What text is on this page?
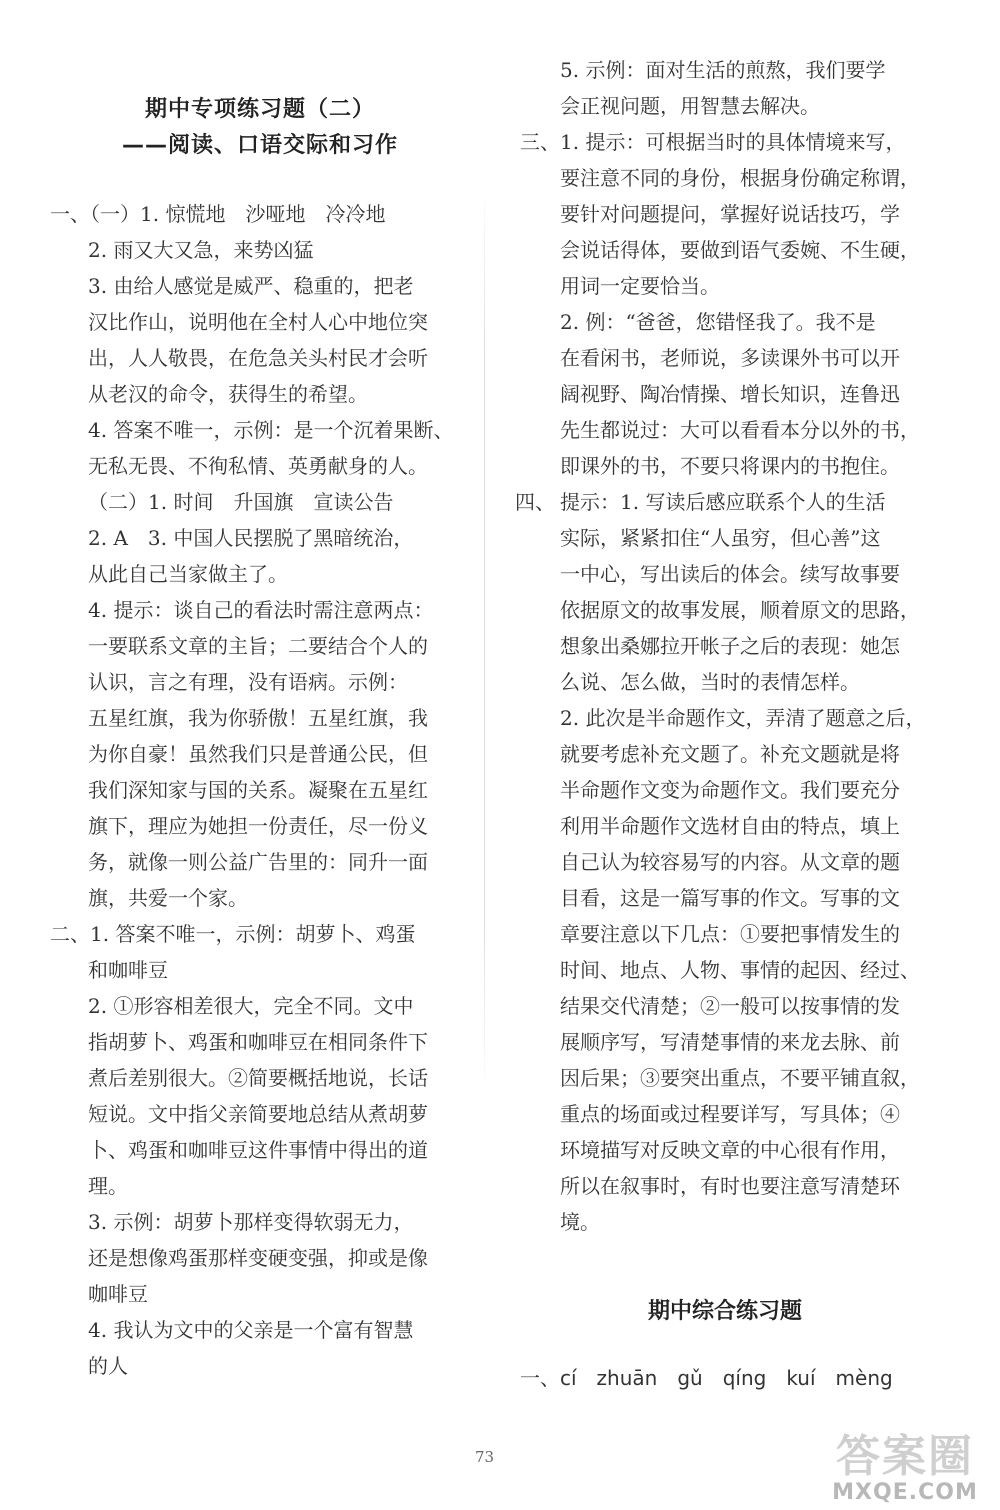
期中专项练习题（二）
——阅读、口语交际和习作
一、（一）1. 惊慌地　沙哑地　冷冷地
2. 雨又大又急，来势凶猛
3. 由给人感觉是威严、稳重的，把老
汉比作山，说明他在全村人心中地位突
出，人人敬畏，在危急关头村民才会听
从老汉的命令，获得生的希望。
4. 答案不唯一，示例：是一个沉着果断、
无私无畏、不徇私情、英勇献身的人。
（二）1. 时间　升国旗　宣读公告
2. A　3. 中国人民摆脱了黑暗统治，
从此自己当家做主了。
4. 提示：谈自己的看法时需注意两点：
一要联系文章的主旨；二要结合个人的
认识，言之有理，没有语病。示例：
五星红旗，我为你骄傲！五星红旗，我
为你自豪！虽然我们只是普通公民，但
我们深知家与国的关系。凝聚在五星红
旗下，理应为她担一份责任，尽一份义
务，就像一则公益广告里的：同升一面
旗，共爱一个家。
二、1. 答案不唯一，示例：胡萝卜、鸡蛋
和咖啡豆
2. ①形容相差很大，完全不同。文中
指胡萝卜、鸡蛋和咖啡豆在相同条件下
煮后差别很大。②简要概括地说，长话
短说。文中指父亲简要地总结从煮胡萝
卜、鸡蛋和咖啡豆这件事情中得出的道
理。
3. 示例：胡萝卜那样变得软弱无力，
还是想像鸡蛋那样变硬变强，抑或是像
咖啡豆
4. 我认为文中的父亲是一个富有智慧
的人
5. 示例：面对生活的煎熬，我们要学
会正视问题，用智慧去解决。
三、 1. 提示：可根据当时的具体情境来写，
要注意不同的身份，根据身份确定称谓，
要针对问题提问，掌握好说话技巧，学
会说话得体，要做到语气委婉、不生硬，
用词一定要恰当。
2. 例：“爸爸，您错怪我了。我不是
在看闲书，老师说，多读课外书可以开
阔视野、陶冶情操、增长知识，连鲁迅
先生都说过：大可以看看本分以外的书，
即课外的书，不要只将课内的书抱住。
四、 提示：1. 写读后感应联系个人的生活
实际，紧紧扣住“人虽穷，但心善”这
一中心，写出读后的体会。续写故事要
依据原文的故事发展，顺着原文的思路，
想象出桑娜拉开帐子之后的表现：她怎
么说、怎么做，当时的表情怎样。
2. 此次是半命题作文，弄清了题意之后，
就要考虑补充文题了。补充文题就是将
半命题作文变为命题作文。我们要充分
利用半命题作文选材自由的特点，填上
自己认为较容易写的内容。从文章的题
目看，这是一篇写事的作文。写事的文
章要注意以下几点：①要把事情发生的
时间、地点、人物、事情的起因、经过、
结果交代清楚；②一般可以按事情的发
展顺序写，写清楚事情的来龙去脉、前
因后果；③要突出重点，不要平铺直叙，
重点的场面或过程要详写，写具体；④
环境描写对反映文章的中心很有作用，
所以在叙事时，有时也要注意写清楚环
境。
期中综合练习题
一、 cí　zhuān　gǔ　qíng　kuí　mèng
73	答案圈
MXQE.COM
